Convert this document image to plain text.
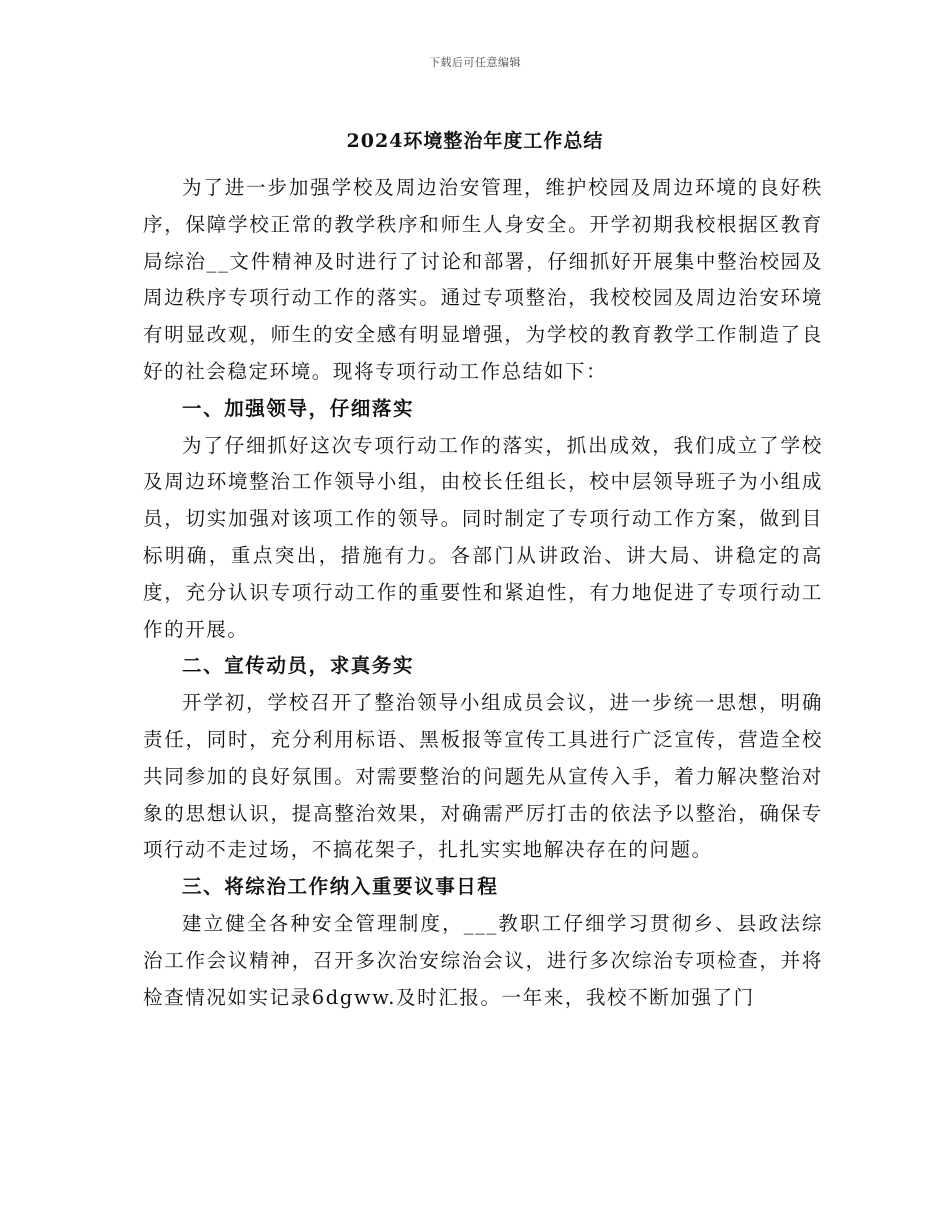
下载后可任意编辑
2024环境整治年度工作总结

为了进一步加强学校及周边治安管理，维护校园及周边环境的良好秩序，保障学校正常的教学秩序和师生人身安全。开学初期我校根据区教育局综治__文件精神及时进行了讨论和部署，仔细抓好开展集中整治校园及周边秩序专项行动工作的落实。通过专项整治，我校校园及周边治安环境有明显改观，师生的安全感有明显增强，为学校的教育教学工作制造了良好的社会稳定环境。现将专项行动工作总结如下：

一、加强领导，仔细落实

为了仔细抓好这次专项行动工作的落实，抓出成效，我们成立了学校及周边环境整治工作领导小组，由校长任组长，校中层领导班子为小组成员，切实加强对该项工作的领导。同时制定了专项行动工作方案，做到目标明确，重点突出，措施有力。各部门从讲政治、讲大局、讲稳定的高度，充分认识专项行动工作的重要性和紧迫性，有力地促进了专项行动工作的开展。

二、宣传动员，求真务实

开学初，学校召开了整治领导小组成员会议，进一步统一思想，明确责任，同时，充分利用标语、黑板报等宣传工具进行广泛宣传，营造全校共同参加的良好氛围。对需要整治的问题先从宣传入手，着力解决整治对象的思想认识，提高整治效果，对确需严厉打击的依法予以整治，确保专项行动不走过场，不搞花架子，扎扎实实地解决存在的问题。

三、将综治工作纳入重要议事日程

建立健全各种安全管理制度，___教职工仔细学习贯彻乡、县政法综治工作会议精神，召开多次治安综治会议，进行多次综治专项检查，并将检查情况如实记录6dgww.及时汇报。一年来，我校不断加强了门
